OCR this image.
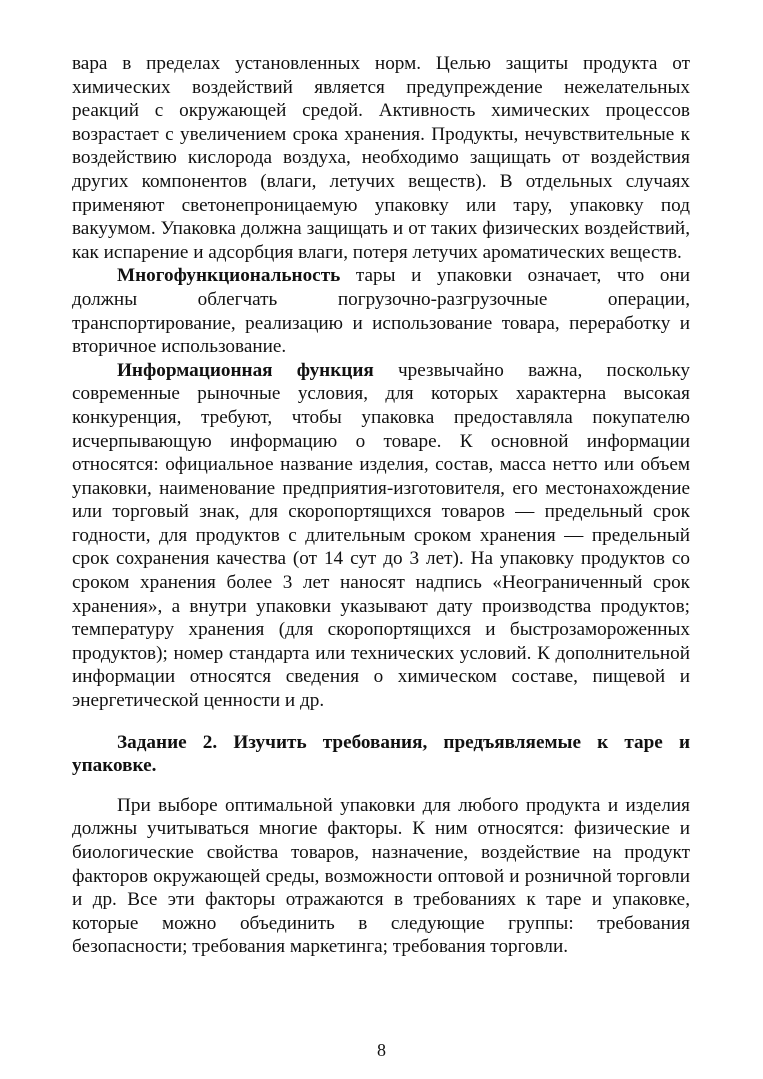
вара в пределах установленных норм. Целью защиты продукта от химических воздействий является предупреждение нежелательных реакций с окружающей средой. Активность химических процессов возрастает с увеличением срока хранения. Продукты, нечувствительные к воздействию кислорода воздуха, необходимо защищать от воздействия других компонентов (влаги, летучих веществ). В отдельных случаях применяют светонепроницаемую упаковку или тару, упаковку под вакуумом. Упаковка должна защищать и от таких физических воздействий, как испарение и адсорбция влаги, потеря летучих ароматических веществ.

Многофункциональность тары и упаковки означает, что они должны облегчать погрузочно-разгрузочные операции, транспортирование, реализацию и использование товара, переработку и вторичное использование.

Информационная функция чрезвычайно важна, поскольку современные рыночные условия, для которых характерна высокая конкуренция, требуют, чтобы упаковка предоставляла покупателю исчерпывающую информацию о товаре. К основной информации относятся: официальное название изделия, состав, масса нетто или объем упаковки, наименование предприятия-изготовителя, его местонахождение или торговый знак, для скоропортящихся товаров — предельный срок годности, для продуктов с длительным сроком хранения — предельный срок сохранения качества (от 14 сут до 3 лет). На упаковку продуктов со сроком хранения более 3 лет наносят надпись «Неограниченный срок хранения», а внутри упаковки указывают дату производства продуктов; температуру хранения (для скоропортящихся и быстрозамороженных продуктов); номер стандарта или технических условий. К дополнительной информации относятся сведения о химическом составе, пищевой и энергетической ценности и др.

Задание 2. Изучить требования, предъявляемые к таре и упаковке.

При выборе оптимальной упаковки для любого продукта и изделия должны учитываться многие факторы. К ним относятся: физические и биологические свойства товаров, назначение, воздействие на продукт факторов окружающей среды, возможности оптовой и розничной торговли и др. Все эти факторы отражаются в требованиях к таре и упаковке, которые можно объединить в следующие группы: требования безопасности; требования маркетинга; требования торговли.

8
